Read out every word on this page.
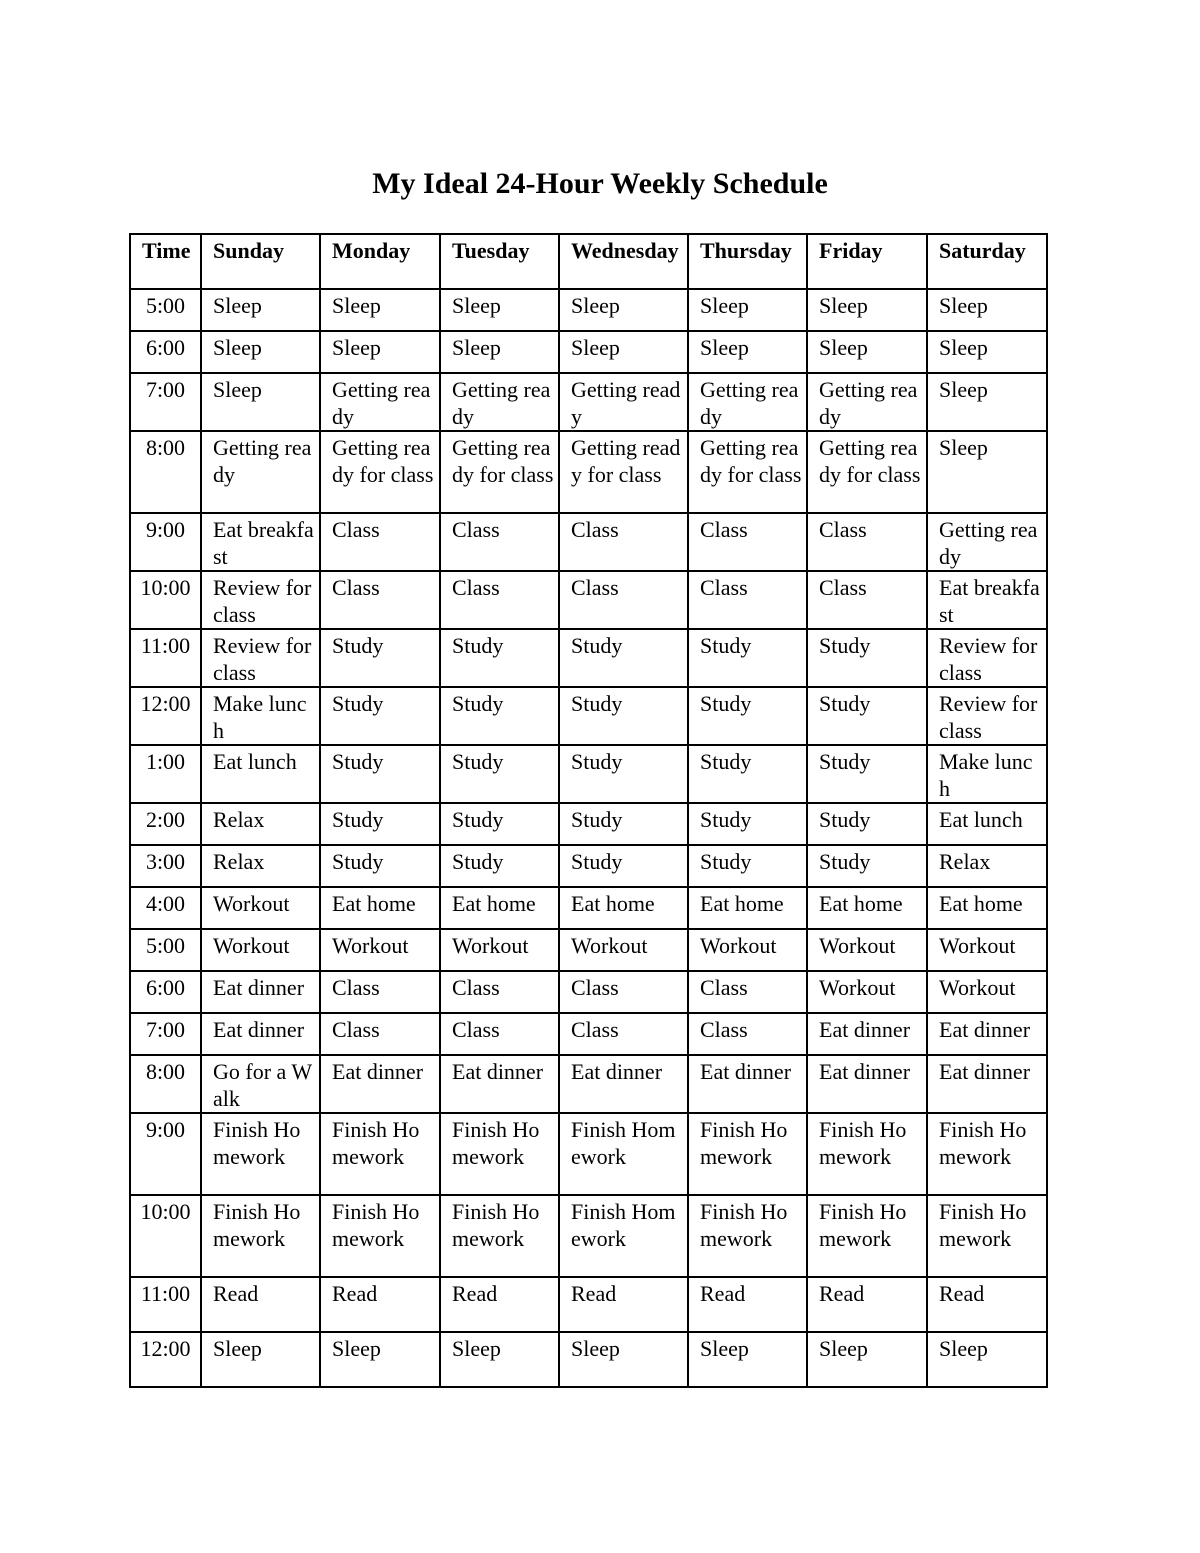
My Ideal 24-Hour Weekly Schedule
Time	Sunday	Monday	Tuesday	Wednesday	Thursday	Friday	Saturday
5:00	Sleep	Sleep	Sleep	Sleep	Sleep	Sleep	Sleep
6:00	Sleep	Sleep	Sleep	Sleep	Sleep	Sleep	Sleep
7:00	Sleep	Getting ready	Getting ready	Getting ready	Getting ready	Getting ready	Sleep
8:00	Getting ready	Getting ready for class	Getting ready for class	Getting ready for class	Getting ready for class	Getting ready for class	Sleep
9:00	Eat breakfast	Class	Class	Class	Class	Class	Getting ready
10:00	Review for class	Class	Class	Class	Class	Class	Eat breakfast
11:00	Review for class	Study	Study	Study	Study	Study	Review for class
12:00	Make lunch	Study	Study	Study	Study	Study	Review for class
1:00	Eat lunch	Study	Study	Study	Study	Study	Make lunch
2:00	Relax	Study	Study	Study	Study	Study	Eat lunch
3:00	Relax	Study	Study	Study	Study	Study	Relax
4:00	Workout	Eat home	Eat home	Eat home	Eat home	Eat home	Eat home
5:00	Workout	Workout	Workout	Workout	Workout	Workout	Workout
6:00	Eat dinner	Class	Class	Class	Class	Workout	Workout
7:00	Eat dinner	Class	Class	Class	Class	Eat dinner	Eat dinner
8:00	Go for a Walk	Eat dinner	Eat dinner	Eat dinner	Eat dinner	Eat dinner	Eat dinner
9:00	Finish Homework	Finish Homework	Finish Homework	Finish Homework	Finish Homework	Finish Homework	Finish Homework
10:00	Finish Homework	Finish Homework	Finish Homework	Finish Homework	Finish Homework	Finish Homework	Finish Homework
11:00	Read	Read	Read	Read	Read	Read	Read
12:00	Sleep	Sleep	Sleep	Sleep	Sleep	Sleep	Sleep
